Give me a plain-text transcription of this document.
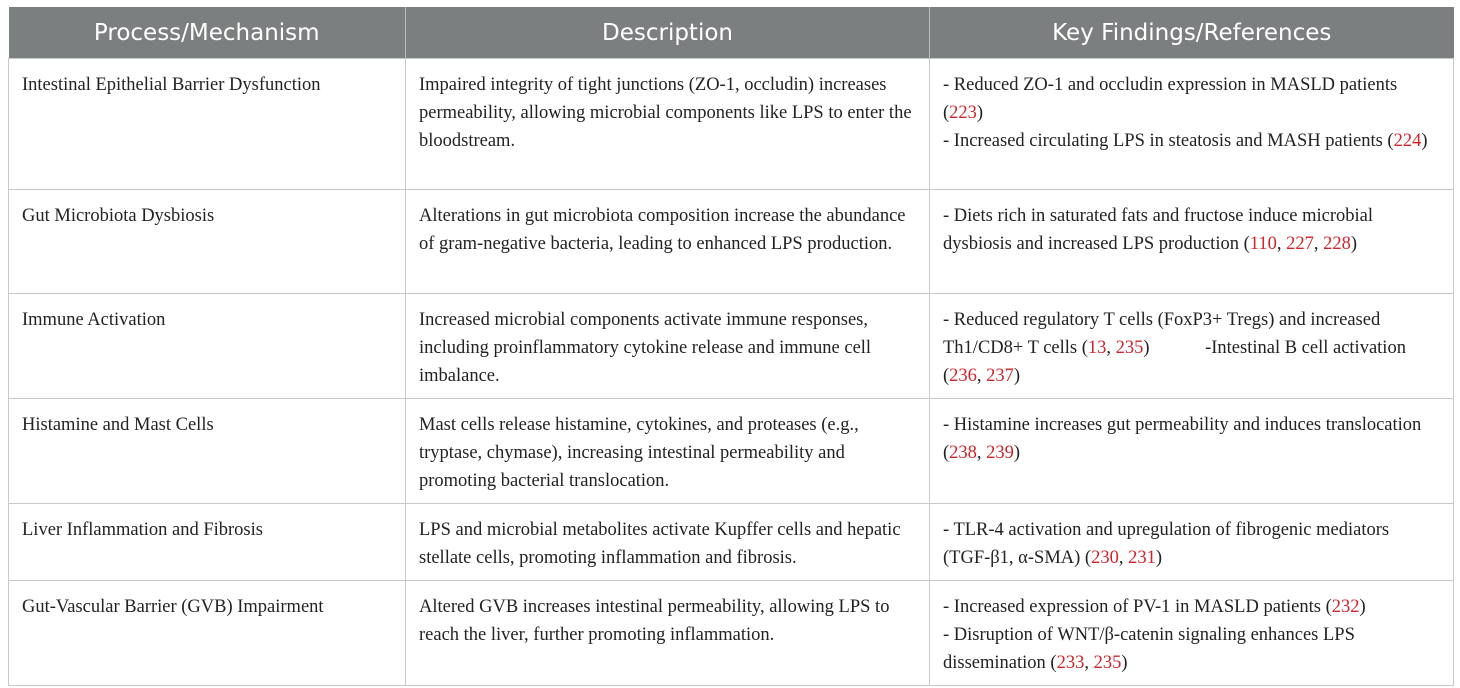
Process/Mechanism	Description	Key Findings/References
Intestinal Epithelial Barrier Dysfunction	Impaired integrity of tight junctions (ZO-1, occludin) increases permeability, allowing microbial components like LPS to enter the bloodstream.	- Reduced ZO-1 and occludin expression in MASLD patients (223)
- Increased circulating LPS in steatosis and MASH patients (224)

Gut Microbiota Dysbiosis	Alterations in gut microbiota composition increase the abundance of gram-negative bacteria, leading to enhanced LPS production.	- Diets rich in saturated fats and fructose induce microbial dysbiosis and increased LPS production (110, 227, 228)

Immune Activation	Increased microbial components activate immune responses, including proinflammatory cytokine release and immune cell imbalance.	- Reduced regulatory T cells (FoxP3+ Tregs) and increased Th1/CD8+ T cells (13, 235) -Intestinal B cell activation (236, 237)
Histamine and Mast Cells	Mast cells release histamine, cytokines, and proteases (e.g., tryptase, chymase), increasing intestinal permeability and promoting bacterial translocation.	- Histamine increases gut permeability and induces translocation (238, 239)

Liver Inflammation and Fibrosis	LPS and microbial metabolites activate Kupffer cells and hepatic stellate cells, promoting inflammation and fibrosis.	- TLR-4 activation and upregulation of fibrogenic mediators (TGF-β1, α-SMA) (230, 231)

Gut-Vascular Barrier (GVB) Impairment	Altered GVB increases intestinal permeability, allowing LPS to reach the liver, further promoting inflammation.	- Increased expression of PV-1 in MASLD patients (232)
- Disruption of WNT/β-catenin signaling enhances LPS dissemination (233, 235)
